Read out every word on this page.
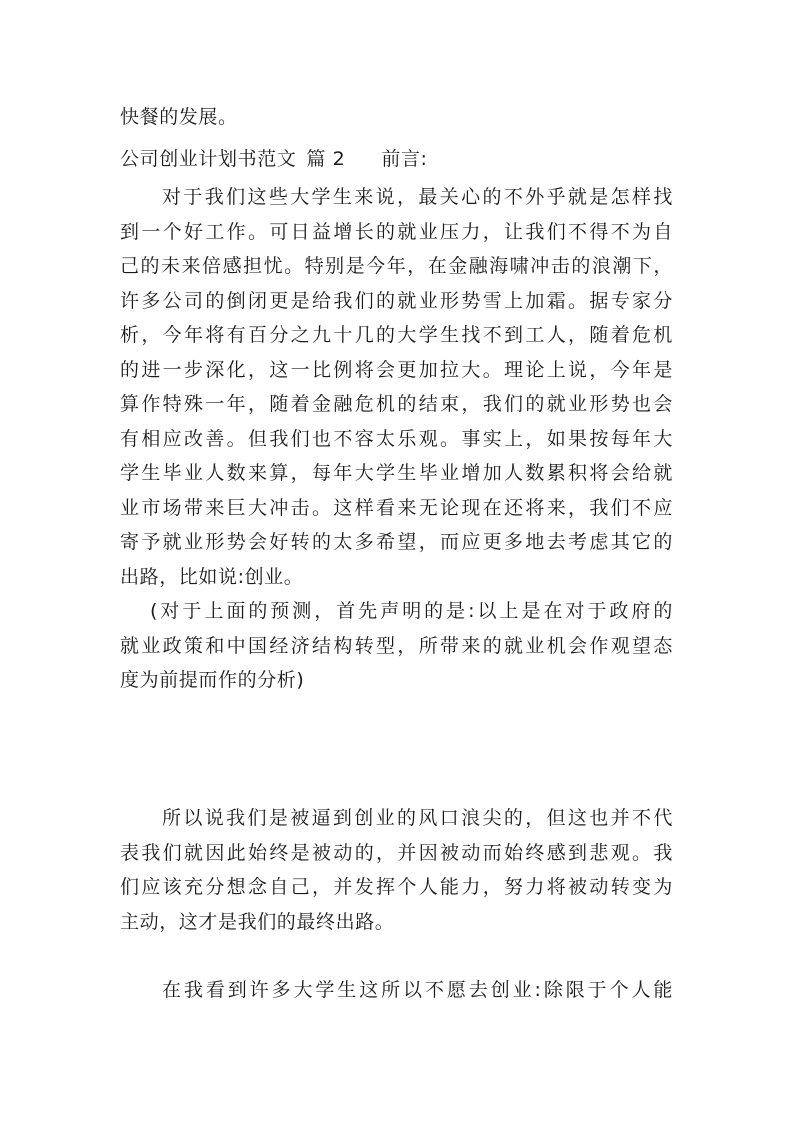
快餐的发展。
公司创业计划书范文 篇 2 前言:
对于我们这些大学生来说，最关心的不外乎就是怎样找
到一个好工作。可日益增长的就业压力，让我们不得不为自
己的未来倍感担忧。特别是今年，在金融海啸冲击的浪潮下，
许多公司的倒闭更是给我们的就业形势雪上加霜。据专家分
析，今年将有百分之九十几的大学生找不到工人，随着危机
的进一步深化，这一比例将会更加拉大。理论上说，今年是
算作特殊一年，随着金融危机的结束，我们的就业形势也会
有相应改善。但我们也不容太乐观。事实上，如果按每年大
学生毕业人数来算，每年大学生毕业增加人数累积将会给就
业市场带来巨大冲击。这样看来无论现在还将来，我们不应
寄予就业形势会好转的太多希望，而应更多地去考虑其它的
出路，比如说:创业。
(对于上面的预测，首先声明的是:以上是在对于政府的
就业政策和中国经济结构转型，所带来的就业机会作观望态
度为前提而作的分析)
所以说我们是被逼到创业的风口浪尖的，但这也并不代
表我们就因此始终是被动的，并因被动而始终感到悲观。我
们应该充分想念自己，并发挥个人能力，努力将被动转变为
主动，这才是我们的最终出路。
在我看到许多大学生这所以不愿去创业:除限于个人能
